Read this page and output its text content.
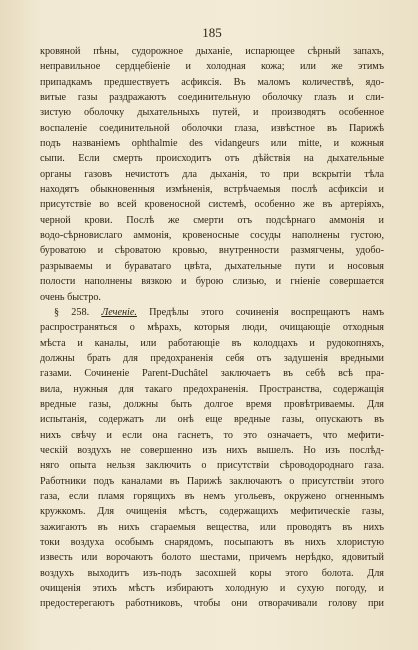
185
кровяной пѣны, судорожное дыханіе, испарющее сѣрный запахъ,
неправильное сердцебіеніе и холодная кожа; или же этимъ
припадкамъ предшествуетъ асфиксія. Въ маломъ количествѣ, ядо-
витые газы раздражаютъ соединительную оболочку глазъ и сли-
зистую оболочку дыхательныхъ путей, и производятъ особенное
воспаленіе соединительной оболочки глаза, извѣстное въ Парижѣ
подъ названіемъ ophthalmie des vidangeurs или mitte, и кожныя
сыпи. Если смерть происходитъ отъ дѣйствія на дыхательные
органы газовъ нечистотъ дла дыханія, то при вскрытіи тѣла
находятъ обыкновенныя измѣненія, встрѣчаемыя послѣ асфиксіи и
присутствіе во всей кровеносной системѣ, особенно же въ артеріяхъ,
черной крови. Послѣ же смерти отъ подсѣрнаго аммонія и
водо-сѣрновислаго аммонія, кровеносные сосуды наполнены густою,
буроватою и сѣроватою кровью, внутренности размягчены, удобо-
разрываемы и бураватаго цвѣта, дыхательные пути и носовыя
полости наполнены вязкою и бурою слизью, и гніеніе совершается
очень быстро.
§ 258. Леченіе. Предѣлы этого сочиненія воспрещаютъ намъ
распространяться о мѣрахъ, которыя люди, очищающіе отходныя
мѣста и каналы, или работающіе въ колодцахъ и рудокопняхъ,
должны брать для предохраненія себя отъ задушенія вредными
газами. Сочиненіе Parent-Duchâtel заключаетъ въ себѣ всѣ пра-
вила, нужныя для такаго предохраненія. Пространства, содержащія
вредные газы, должны быть долгое время провѣтриваемы. Для
испытанія, содержатъ ли онѣ еще вредные газы, опускаютъ въ
нихъ свѣчу и если она гаснетъ, то это означаетъ, что мефити-
ческій воздухъ не совершенно изъ нихъ вышелъ. Но изъ послѣд-
няго опыта нельзя заключить о присутствіи сѣроводороднаго газа.
Работники подъ каналами въ Парижѣ заключаютъ о присутствіи этого
газа, если пламя горящихъ въ немъ угольевъ, окружено огненнымъ
кружкомъ. Для очищенія мѣстъ, содержащихъ мефитическіе газы,
зажигаютъ въ нихъ сгараемыя вещества, или проводятъ въ нихъ
токи воздуха особымъ снарядомъ, посыпаютъ въ нихъ хлористую
известь или ворочаютъ болото шестами, причемъ нерѣдко, ядовитый
воздухъ выходитъ изъ-подъ засохшей коры этого болота. Для
очищенія этихъ мѣстъ избираютъ холодную и сухую погоду, и
предостерегаютъ работниковъ, чтобы они отворачивали голову при
